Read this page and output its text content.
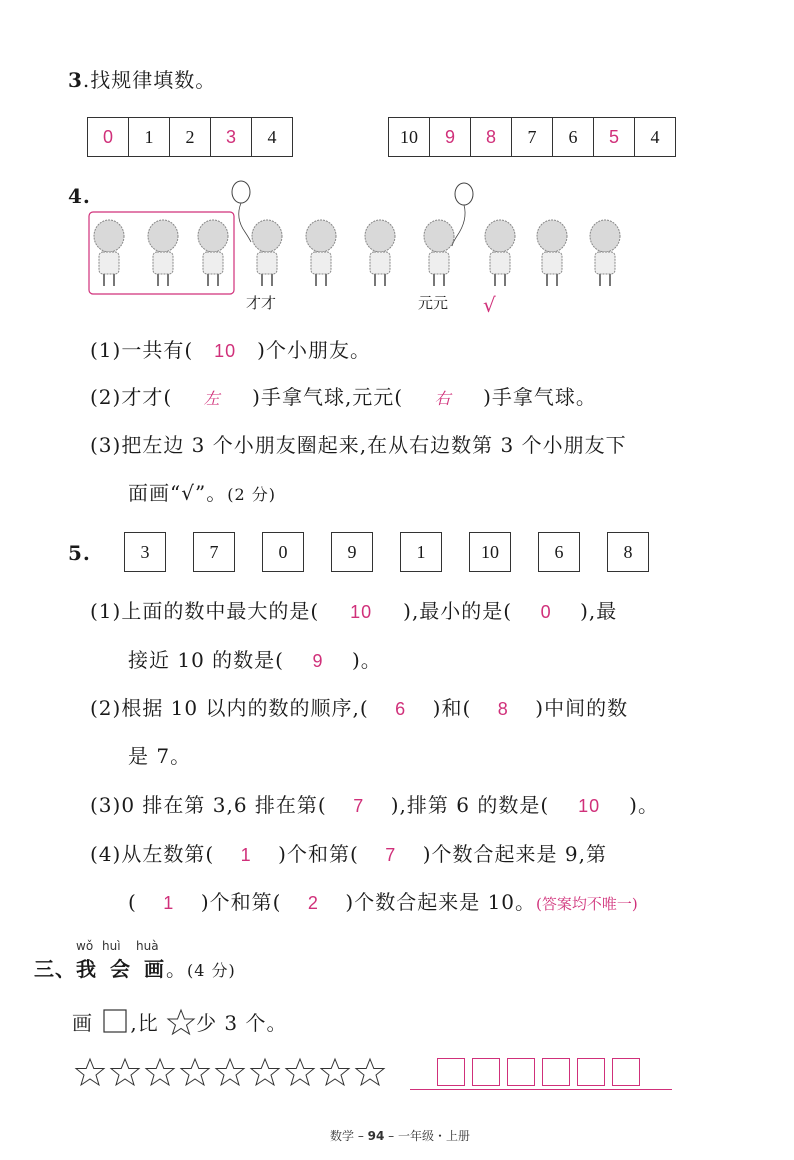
3.找规律填数。
0	1	2	3	4	10	9	8	7	6	5	4
4.
√
才才	元元
(1)一共有( 10 )个小朋友。
(2)才才( 左 )手拿气球,元元( 右 )手拿气球。
(3)把左边 3 个小朋友圈起来,在从右边数第 3 个小朋友下
面画“√”。(2 分)
5.	3	7	0	9	1	10	6	8
(1)上面的数中最大的是( 10 ),最小的是( 0 ),最
接近 10 的数是( 9 )。
(2)根据 10 以内的数的顺序,( 6 )和( 8 )中间的数
是 7。
(3)0 排在第 3,6 排在第( 7 ),排第 6 的数是( 10 )。
(4)从左数第( 1 )个和第( 7 )个数合起来是 9,第
( 1 )个和第( 2 )个数合起来是 10。(答案均不唯一)
wǒ huì huà
三、我 会 画。(4 分)
画 ,比 少 3 个。
数学 – 94 – 一年级・上册
